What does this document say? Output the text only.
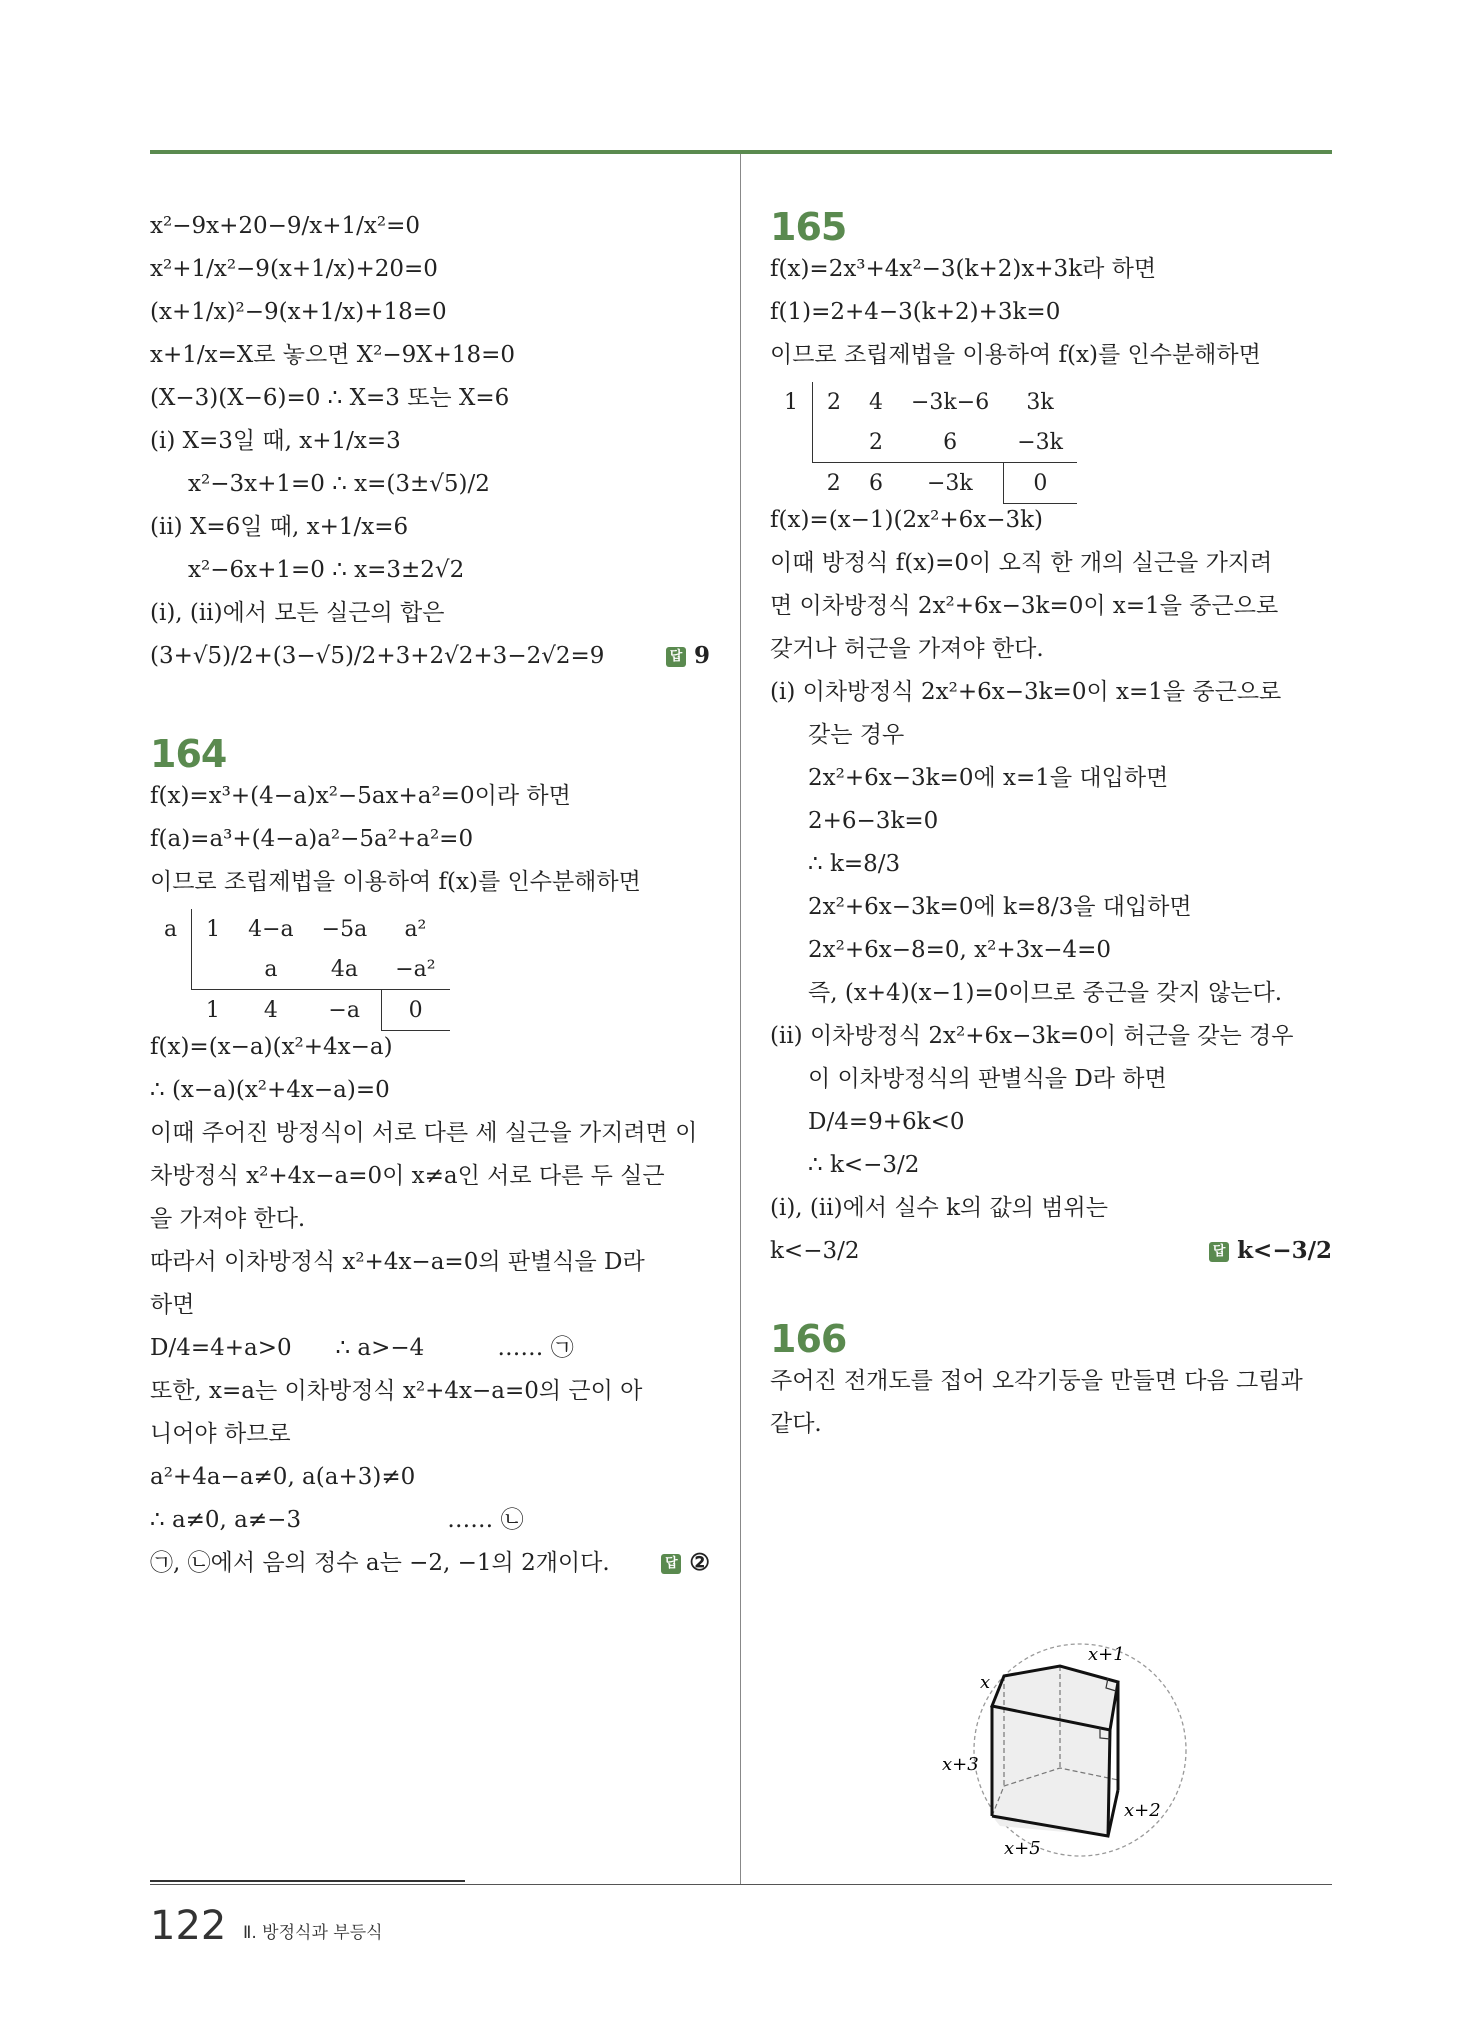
x²−9x+20−9/x+1/x²=0
x²+1/x²−9(x+1/x)+20=0
(x+1/x)²−9(x+1/x)+18=0
x+1/x=X로 놓으면 X²−9X+18=0
(X−3)(X−6)=0 ∴ X=3 또는 X=6
(ⅰ) X=3일 때, x+1/x=3
x²−3x+1=0 ∴ x=(3±√5)/2
(ⅱ) X=6일 때, x+1/x=6
x²−6x+1=0 ∴ x=3±2√2
(ⅰ), (ⅱ)에서 모든 실근의 합은
(3+√5)/2+(3−√5)/2+3+2√2+3−2√2=9	답 9
164
f(x)=x³+(4−a)x²−5ax+a²=0이라 하면
f(a)=a³+(4−a)a²−5a²+a²=0
이므로 조립제법을 이용하여 f(x)를 인수분해하면
a	1	4−a	−5a	a²
		a	4a	−a²
	1	4	−a	0
f(x)=(x−a)(x²+4x−a)
∴ (x−a)(x²+4x−a)=0
이때 주어진 방정식이 서로 다른 세 실근을 가지려면 이
차방정식 x²+4x−a=0이 x≠a인 서로 다른 두 실근
을 가져야 한다.
따라서 이차방정식 x²+4x−a=0의 판별식을 D라
하면
D/4=4+a>0      ∴ a>−4          …… ㉠
또한, x=a는 이차방정식 x²+4x−a=0의 근이 아
니어야 하므로
a²+4a−a≠0, a(a+3)≠0
∴ a≠0, a≠−3                    …… ㉡
㉠, ㉡에서 음의 정수 a는 −2, −1의 2개이다.	답 ②
165
f(x)=2x³+4x²−3(k+2)x+3k라 하면
f(1)=2+4−3(k+2)+3k=0
이므로 조립제법을 이용하여 f(x)를 인수분해하면
1	2	4	−3k−6	3k
		2	6	−3k
	2	6	−3k	0
f(x)=(x−1)(2x²+6x−3k)
이때 방정식 f(x)=0이 오직 한 개의 실근을 가지려
면 이차방정식 2x²+6x−3k=0이 x=1을 중근으로
갖거나 허근을 가져야 한다.
(ⅰ) 이차방정식 2x²+6x−3k=0이 x=1을 중근으로
갖는 경우
2x²+6x−3k=0에 x=1을 대입하면
2+6−3k=0
∴ k=8/3
2x²+6x−3k=0에 k=8/3을 대입하면
2x²+6x−8=0, x²+3x−4=0
즉, (x+4)(x−1)=0이므로 중근을 갖지 않는다.
(ⅱ) 이차방정식 2x²+6x−3k=0이 허근을 갖는 경우
이 이차방정식의 판별식을 D라 하면
D/4=9+6k<0
∴ k<−3/2
(ⅰ), (ⅱ)에서 실수 k의 값의 범위는
k<−3/2	답 k<−3/2
166
주어진 전개도를 접어 오각기둥을 만들면 다음 그림과
같다.
x+1
x
x+3
x+2
x+5
122 Ⅱ. 방정식과 부등식
